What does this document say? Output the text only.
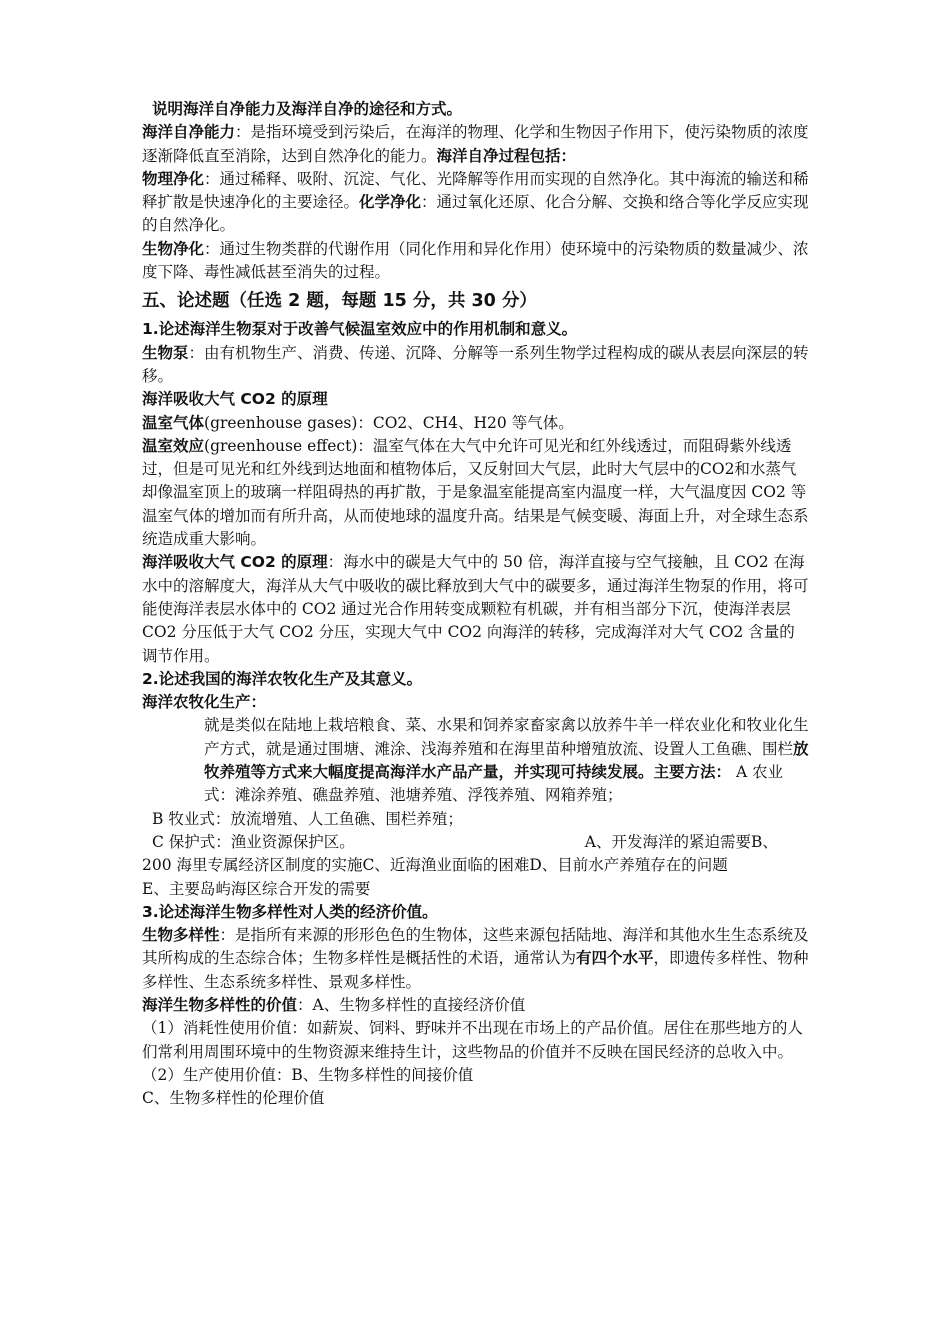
说明海洋自净能力及海洋自净的途径和方式。

海洋自净能力：是指环境受到污染后，在海洋的物理、化学和生物因子作用下，使污染物质的浓度逐渐降低直至消除，达到自然净化的能力。海洋自净过程包括：

物理净化：通过稀释、吸附、沉淀、气化、光降解等作用而实现的自然净化。其中海流的输送和稀释扩散是快速净化的主要途径。化学净化：通过氧化还原、化合分解、交换和络合等化学反应实现的自然净化。

生物净化：通过生物类群的代谢作用（同化作用和异化作用）使环境中的污染物质的数量减少、浓度下降、毒性减低甚至消失的过程。

五、论述题（任选 2 题，每题 15 分，共 30 分）

1.论述海洋生物泵对于改善气候温室效应中的作用机制和意义。

生物泵：由有机物生产、消费、传递、沉降、分解等一系列生物学过程构成的碳从表层向深层的转移。

海洋吸收大气 CO2 的原理

温室气体(greenhouse gases)：CO2、CH4、H20 等气体。

温室效应(greenhouse effect)：温室气体在大气中允许可见光和红外线透过，而阻碍紫外线透过，但是可见光和红外线到达地面和植物体后，又反射回大气层，此时大气层中的CO2和水蒸气却像温室顶上的玻璃一样阻碍热的再扩散，于是象温室能提高室内温度一样，大气温度因 CO2 等温室气体的增加而有所升高，从而使地球的温度升高。结果是气候变暖、海面上升，对全球生态系统造成重大影响。

海洋吸收大气 CO2 的原理：海水中的碳是大气中的 50 倍，海洋直接与空气接触，且 CO2 在海水中的溶解度大，海洋从大气中吸收的碳比释放到大气中的碳要多，通过海洋生物泵的作用，将可能使海洋表层水体中的 CO2 通过光合作用转变成颗粒有机碳，并有相当部分下沉，使海洋表层 CO2 分压低于大气 CO2 分压，实现大气中 CO2 向海洋的转移，完成海洋对大气 CO2 含量的调节作用。

2.论述我国的海洋农牧化生产及其意义。

海洋农牧化生产：

就是类似在陆地上栽培粮食、菜、水果和饲养家畜家禽以放养牛羊一样农业化和牧业化生产方式，就是通过围塘、滩涂、浅海养殖和在海里苗种增殖放流、设置人工鱼礁、围栏放牧养殖等方式来大幅度提高海洋水产品产量，并实现可持续发展。主要方法： A 农业式：滩涂养殖、礁盘养殖、池塘养殖、浮筏养殖、网箱养殖；

B 牧业式：放流增殖、人工鱼礁、围栏养殖；

C 保护式：渔业资源保护区。	A、开发海洋的紧迫需要B、

200 海里专属经济区制度的实施C、近海渔业面临的困难D、目前水产养殖存在的问题

E、主要岛屿海区综合开发的需要

3.论述海洋生物多样性对人类的经济价值。

生物多样性：是指所有来源的形形色色的生物体，这些来源包括陆地、海洋和其他水生生态系统及其所构成的生态综合体；生物多样性是概括性的术语，通常认为有四个水平，即遗传多样性、物种多样性、生态系统多样性、景观多样性。

海洋生物多样性的价值：A、生物多样性的直接经济价值

（1）消耗性使用价值：如薪炭、饲料、野味并不出现在市场上的产品价值。居住在那些地方的人们常利用周围环境中的生物资源来维持生计，这些物品的价值并不反映在国民经济的总收入中。

（2）生产使用价值：B、生物多样性的间接价值

C、生物多样性的伦理价值
